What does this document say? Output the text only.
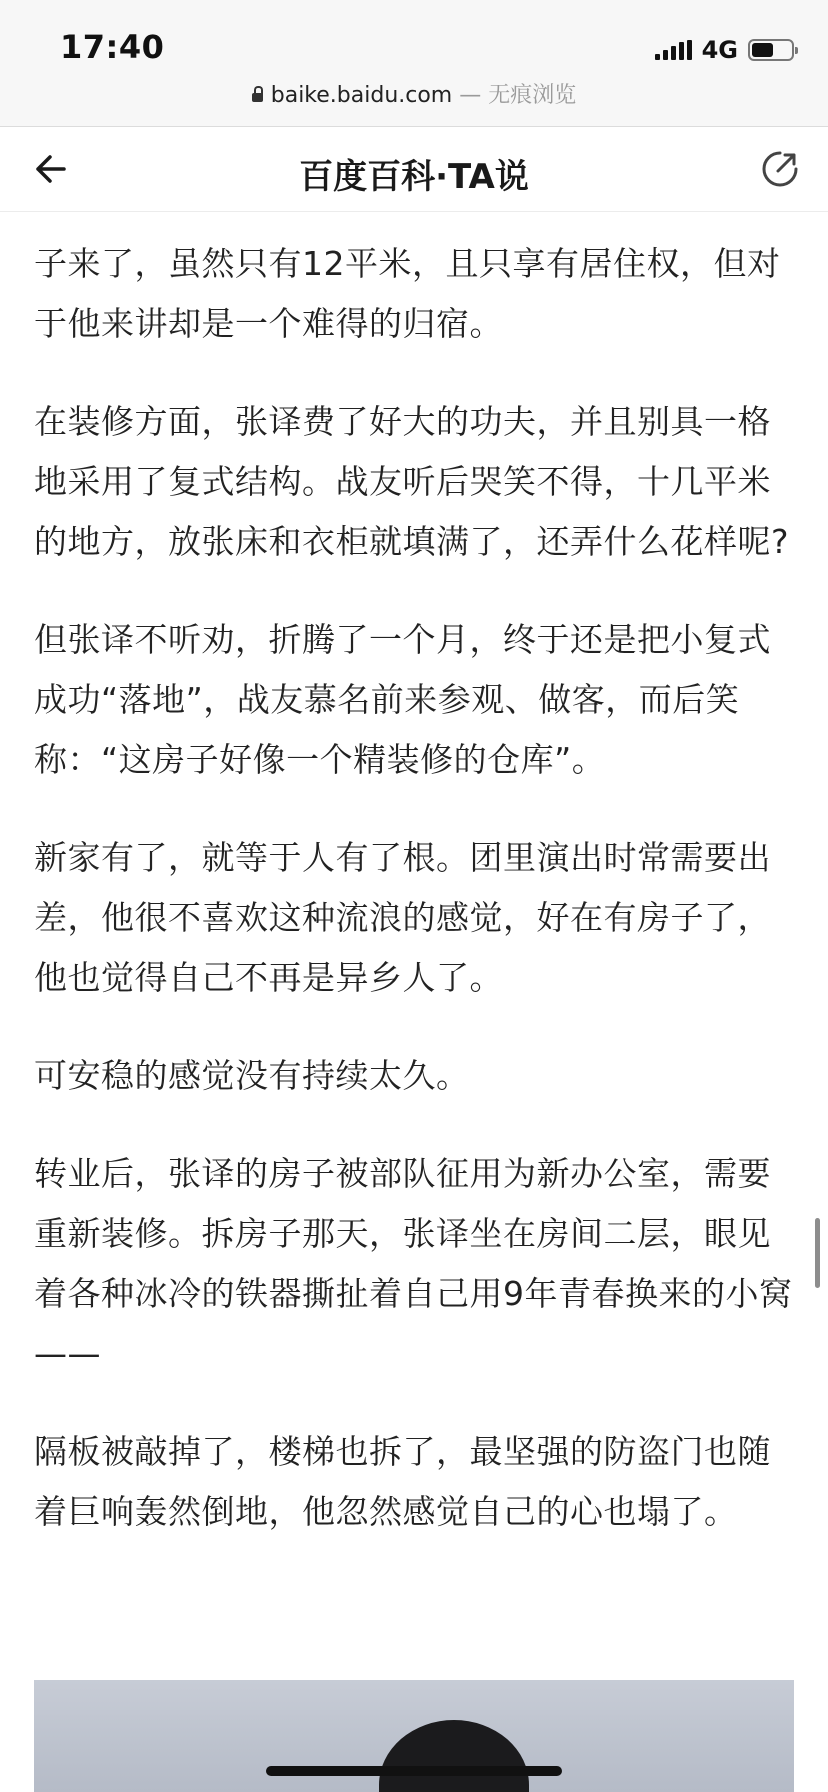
17:40	4G
baike.baidu.com — 无痕浏览
百度百科·TA说

子来了，虽然只有12平米，且只享有居住权，但对于他来讲却是一个难得的归宿。

在装修方面，张译费了好大的功夫，并且别具一格地采用了复式结构。战友听后哭笑不得，十几平米的地方，放张床和衣柜就填满了，还弄什么花样呢?

但张译不听劝，折腾了一个月，终于还是把小复式成功“落地”，战友慕名前来参观、做客，而后笑称：“这房子好像一个精装修的仓库”。

新家有了，就等于人有了根。团里演出时常需要出差，他很不喜欢这种流浪的感觉，好在有房子了，他也觉得自己不再是异乡人了。

可安稳的感觉没有持续太久。

转业后，张译的房子被部队征用为新办公室，需要重新装修。拆房子那天，张译坐在房间二层，眼见着各种冰冷的铁器撕扯着自己用9年青春换来的小窝——

隔板被敲掉了，楼梯也拆了，最坚强的防盗门也随着巨响轰然倒地，他忽然感觉自己的心也塌了。
